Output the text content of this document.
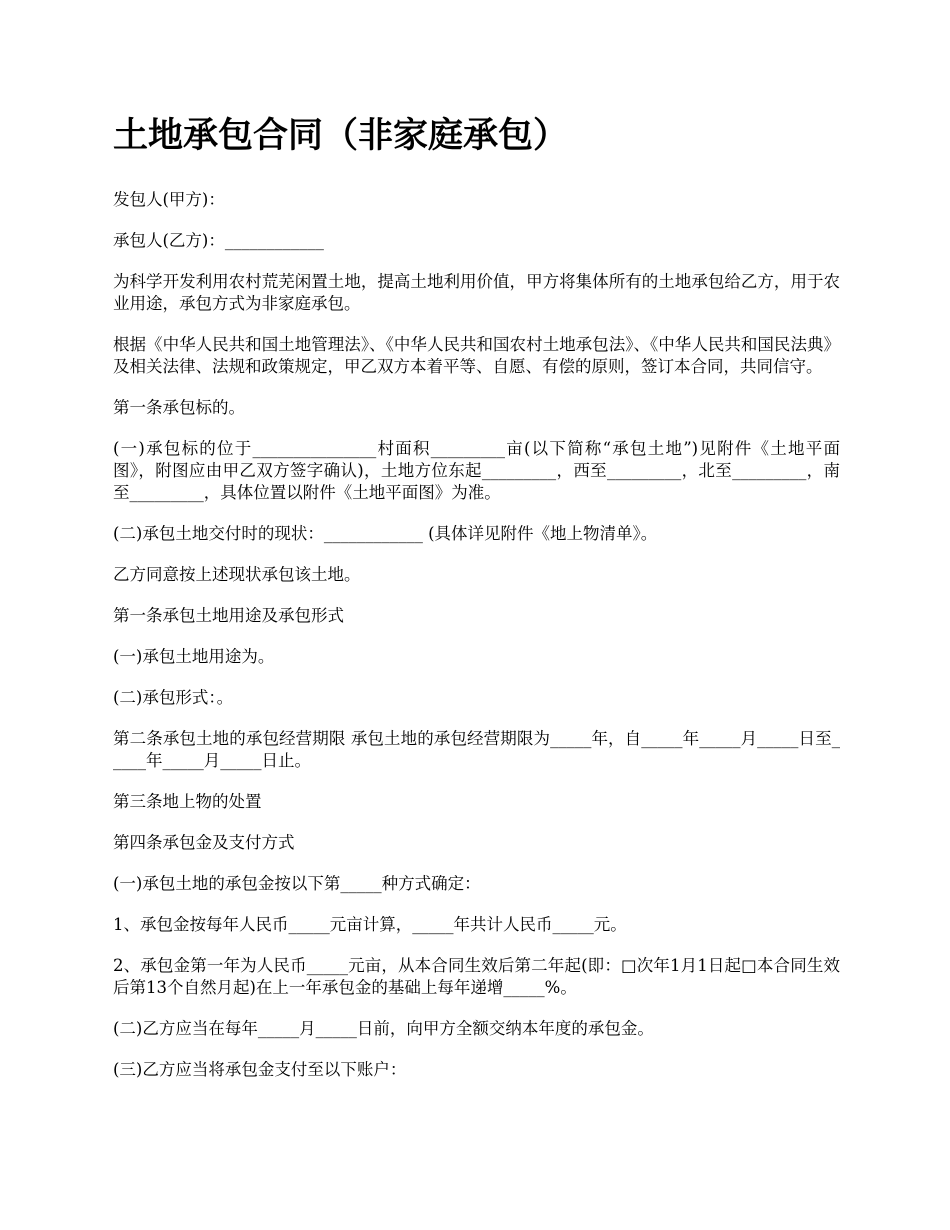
土地承包合同（非家庭承包）

发包人(甲方)：

承包人(乙方)：____________

为科学开发利用农村荒芜闲置土地，提高土地利用价值，甲方将集体所有的土地承包给乙方，用于农业用途，承包方式为非家庭承包。

根据《中华人民共和国土地管理法》、《中华人民共和国农村土地承包法》、《中华人民共和国民法典》及相关法律、法规和政策规定，甲乙双方本着平等、自愿、有偿的原则，签订本合同，共同信守。

第一条承包标的。

(一)承包标的位于_______________村面积_________亩(以下简称“承包土地”)见附件《土地平面图》，附图应由甲乙双方签字确认)，土地方位东起_________，西至_________，北至_________，南至_________，具体位置以附件《土地平面图》为准。

(二)承包土地交付时的现状：____________ (具体详见附件《地上物清单》。

乙方同意按上述现状承包该土地。

第一条承包土地用途及承包形式

(一)承包土地用途为。

(二)承包形式：。

第二条承包土地的承包经营期限 承包土地的承包经营期限为_____年，自_____年_____月_____日至_____年_____月_____日止。

第三条地上物的处置

第四条承包金及支付方式

(一)承包土地的承包金按以下第_____种方式确定：

1、承包金按每年人民币_____元亩计算，_____年共计人民币_____元。

2、承包金第一年为人民币_____元亩，从本合同生效后第二年起(即：□次年1月1日起□本合同生效后第13个自然月起)在上一年承包金的基础上每年递增_____%。

(二)乙方应当在每年_____月_____日前，向甲方全额交纳本年度的承包金。

(三)乙方应当将承包金支付至以下账户：
